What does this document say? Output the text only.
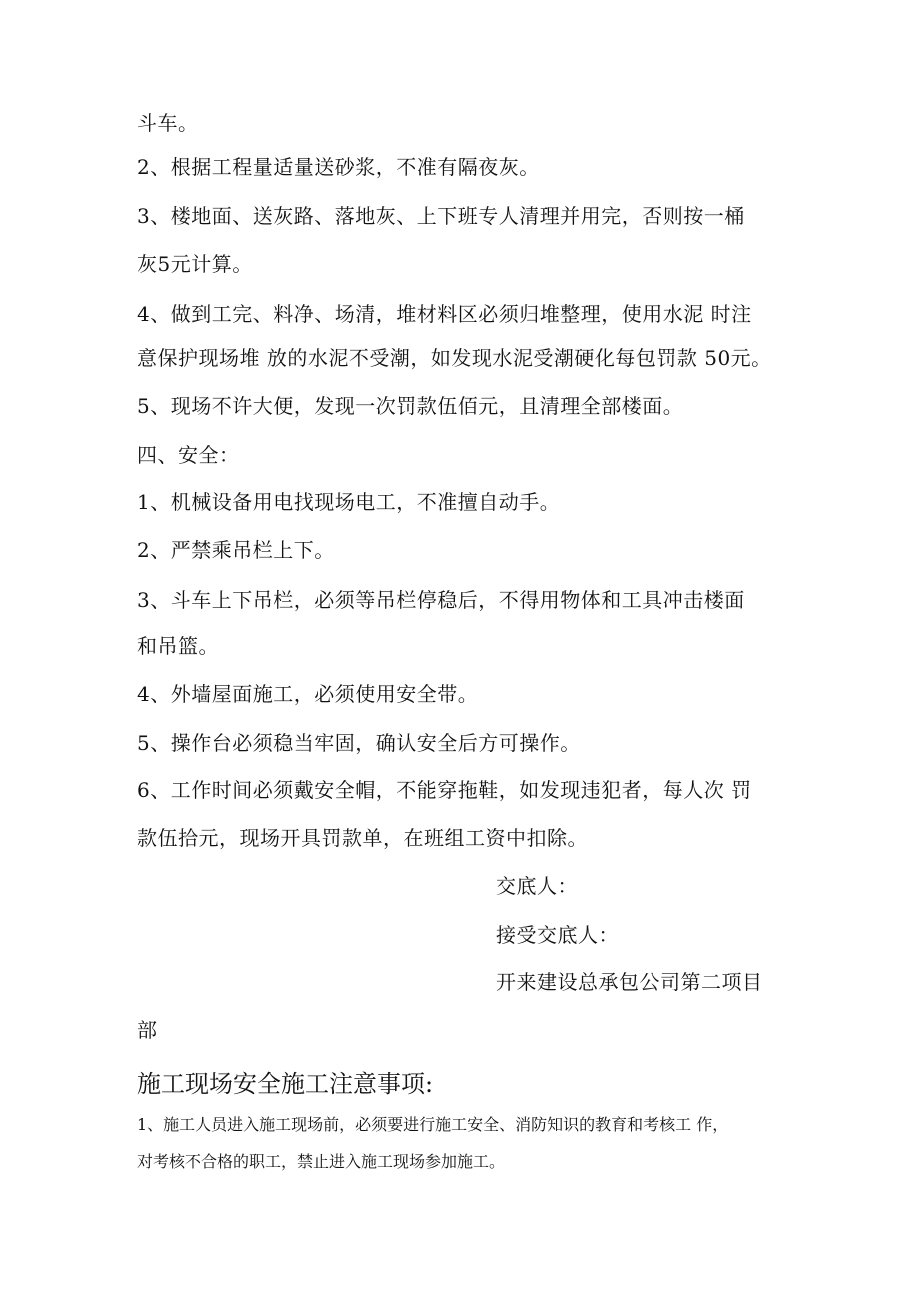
斗车。
2、根据工程量适量送砂浆，不准有隔夜灰。
3、楼地面、送灰路、落地灰、上下班专人清理并用完，否则按一桶
灰5元计算。
4、做到工完、料净、场清，堆材料区必须归堆整理，使用水泥 时注
意保护现场堆 放的水泥不受潮，如发现水泥受潮硬化每包罚款 50元。
5、现场不许大便，发现一次罚款伍佰元，且清理全部楼面。
四、安全：
1、机械设备用电找现场电工，不准擅自动手。
2、严禁乘吊栏上下。
3、斗车上下吊栏，必须等吊栏停稳后，不得用物体和工具冲击楼面
和吊篮。
4、外墙屋面施工，必须使用安全带。
5、操作台必须稳当牢固，确认安全后方可操作。
6、工作时间必须戴安全帽，不能穿拖鞋，如发现违犯者，每人次 罚
款伍拾元，现场开具罚款单，在班组工资中扣除。
交底人：
接受交底人：
开来建设总承包公司第二项目
部
施工现场安全施工注意事项:
1、施工人员进入施工现场前，必须要进行施工安全、消防知识的教育和考核工 作，
对考核不合格的职工，禁止进入施工现场参加施工。
